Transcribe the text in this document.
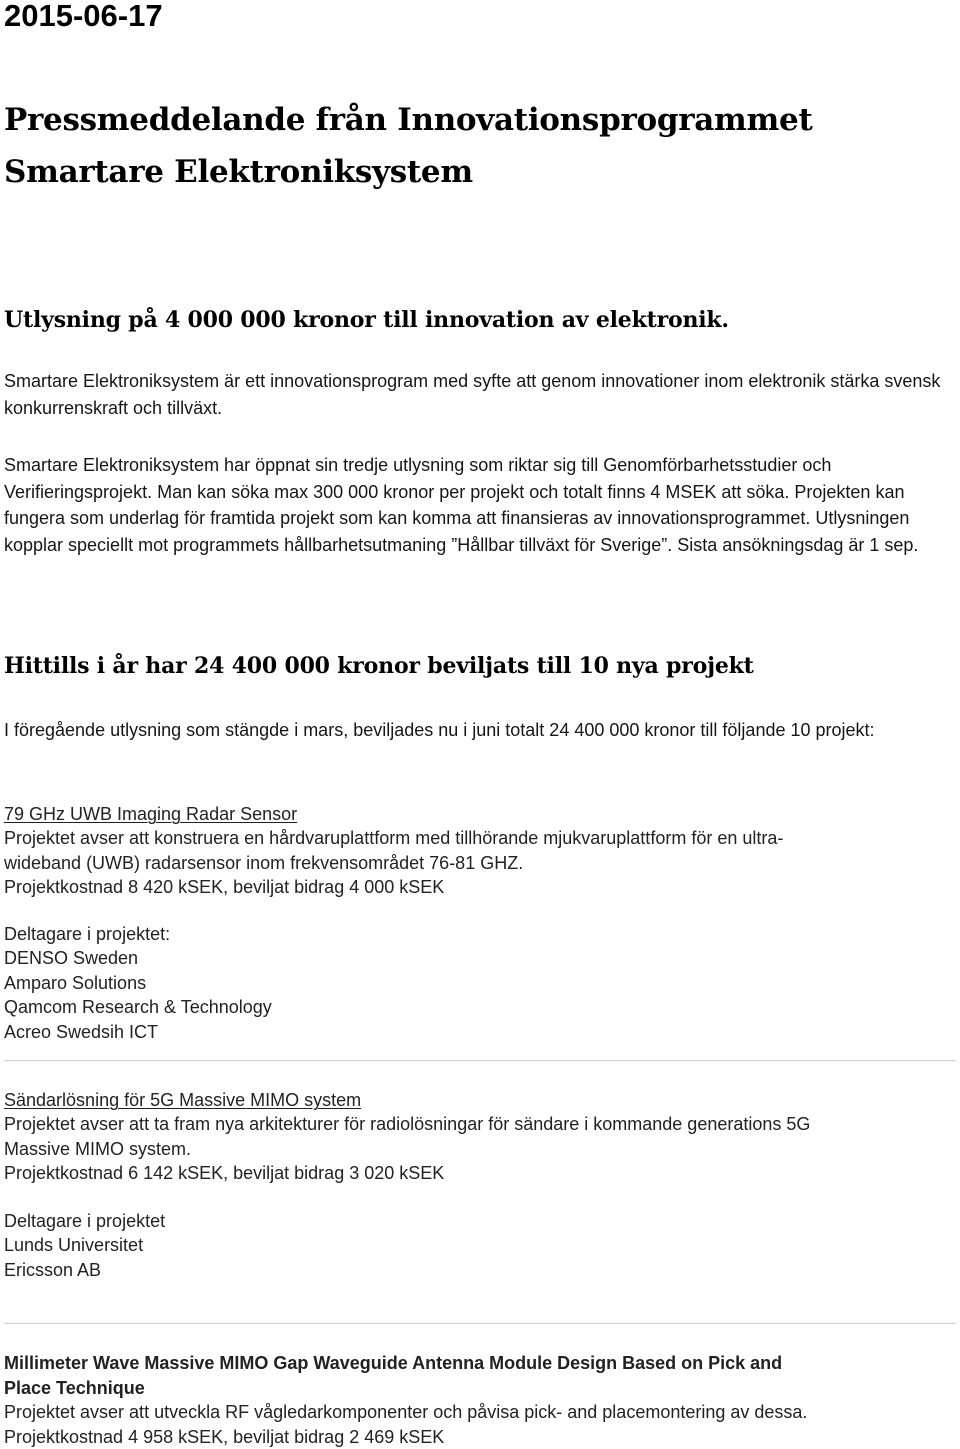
2015-06-17
Pressmeddelande från Innovationsprogrammet
Smartare Elektroniksystem
Utlysning på 4 000 000 kronor till innovation av elektronik.
Smartare Elektroniksystem är ett innovationsprogram med syfte att genom innovationer inom elektronik stärka svensk konkurrenskraft och tillväxt.
Smartare Elektroniksystem har öppnat sin tredje utlysning som riktar sig till Genomförbarhetsstudier och Verifieringsprojekt. Man kan söka max 300 000 kronor per projekt och totalt finns 4 MSEK att söka. Projekten kan fungera som underlag för framtida projekt som kan komma att finansieras av innovationsprogrammet. Utlysningen kopplar speciellt mot programmets hållbarhetsutmaning ”Hållbar tillväxt för Sverige”. Sista ansökningsdag är 1 sep.
Hittills i år har 24 400 000 kronor beviljats till 10 nya projekt
I föregående utlysning som stängde i mars, beviljades nu i juni totalt 24 400 000 kronor till följande 10 projekt:
79 GHz UWB Imaging Radar Sensor
Projektet avser att konstruera en hårdvaruplattform med tillhörande mjukvaruplattform för en ultra-
wideband (UWB) radarsensor inom frekvensområdet 76-81 GHZ.
Projektkostnad 8 420 kSEK, beviljat bidrag 4 000 kSEK
Deltagare i projektet:
DENSO Sweden
Amparo Solutions
Qamcom Research & Technology
Acreo Swedsih ICT
Sändarlösning för 5G Massive MIMO system
Projektet avser att ta fram nya arkitekturer för radiolösningar för sändare i kommande generations 5G
Massive MIMO system.
Projektkostnad 6 142 kSEK, beviljat bidrag 3 020 kSEK
Deltagare i projektet
Lunds Universitet
Ericsson AB
Millimeter Wave Massive MIMO Gap Waveguide Antenna Module Design Based on Pick and
Place Technique
Projektet avser att utveckla RF vågledarkomponenter och påvisa pick- and placemontering av dessa.
Projektkostnad 4 958 kSEK, beviljat bidrag 2 469 kSEK
